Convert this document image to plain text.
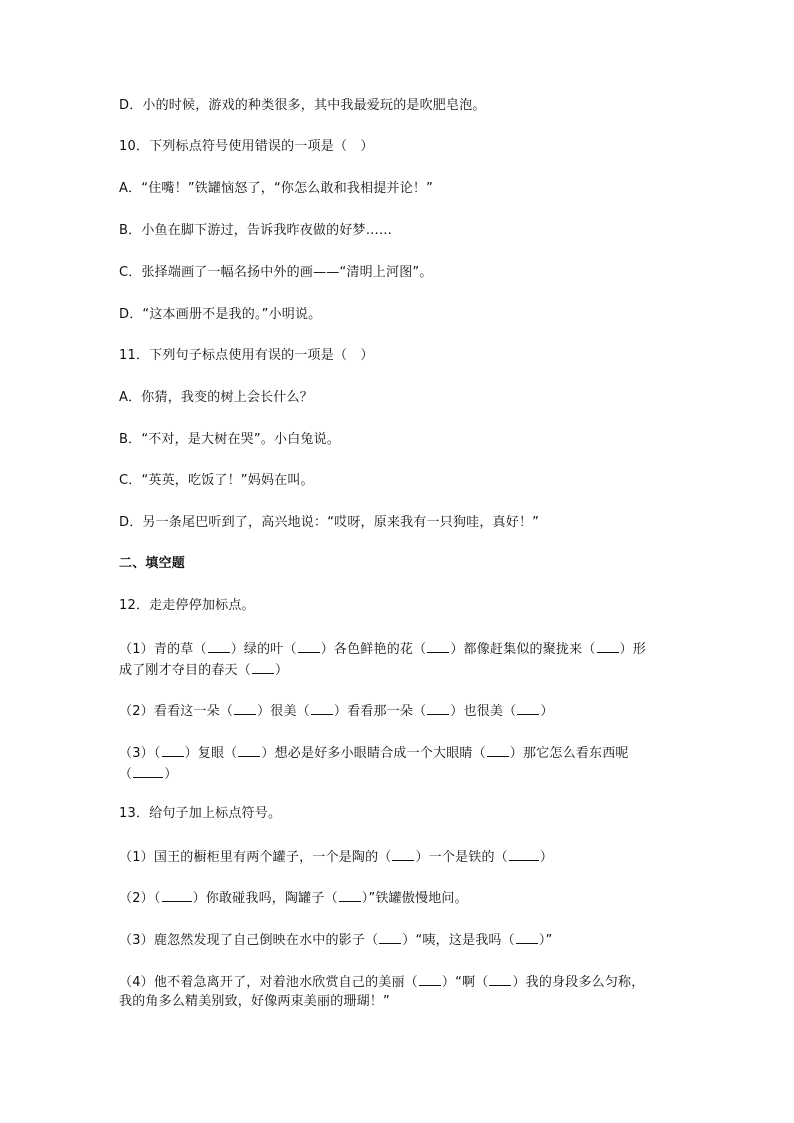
D．小的时候，游戏的种类很多，其中我最爱玩的是吹肥皂泡。
10．下列标点符号使用错误的一项是（　）
A．“住嘴！”铁罐恼怒了，“你怎么敢和我相提并论！”
B．小鱼在脚下游过，告诉我昨夜做的好梦……
C．张择端画了一幅名扬中外的画——“清明上河图”。
D．“这本画册不是我的。”小明说。
11．下列句子标点使用有误的一项是（　）
A．你猜，我变的树上会长什么？
B．“不对，是大树在哭”。小白兔说。
C．“英英，吃饭了！”妈妈在叫。
D．另一条尾巴听到了，高兴地说：“哎呀，原来我有一只狗哇，真好！”
二、填空题
12．走走停停加标点。
（1）青的草（ ）绿的叶（ ）各色鲜艳的花（ ）都像赶集似的聚拢来（ ）形
成了刚才夺目的春天（ ）
（2）看看这一朵（ ）很美（ ）看看那一朵（ ）也很美（ ）
（3）（ ）复眼（ ）想必是好多小眼睛合成一个大眼睛（ ）那它怎么看东西呢
（ ）
13．给句子加上标点符号。
（1）国王的橱柜里有两个罐子，一个是陶的（ ）一个是铁的（ ）
（2）（ ）你敢碰我吗，陶罐子（ ）”铁罐傲慢地问。
（3）鹿忽然发现了自己倒映在水中的影子（ ）“咦，这是我吗（ ）”
（4）他不着急离开了，对着池水欣赏自己的美丽（ ）“啊（ ）我的身段多么匀称，
我的角多么精美别致，好像两束美丽的珊瑚！”
